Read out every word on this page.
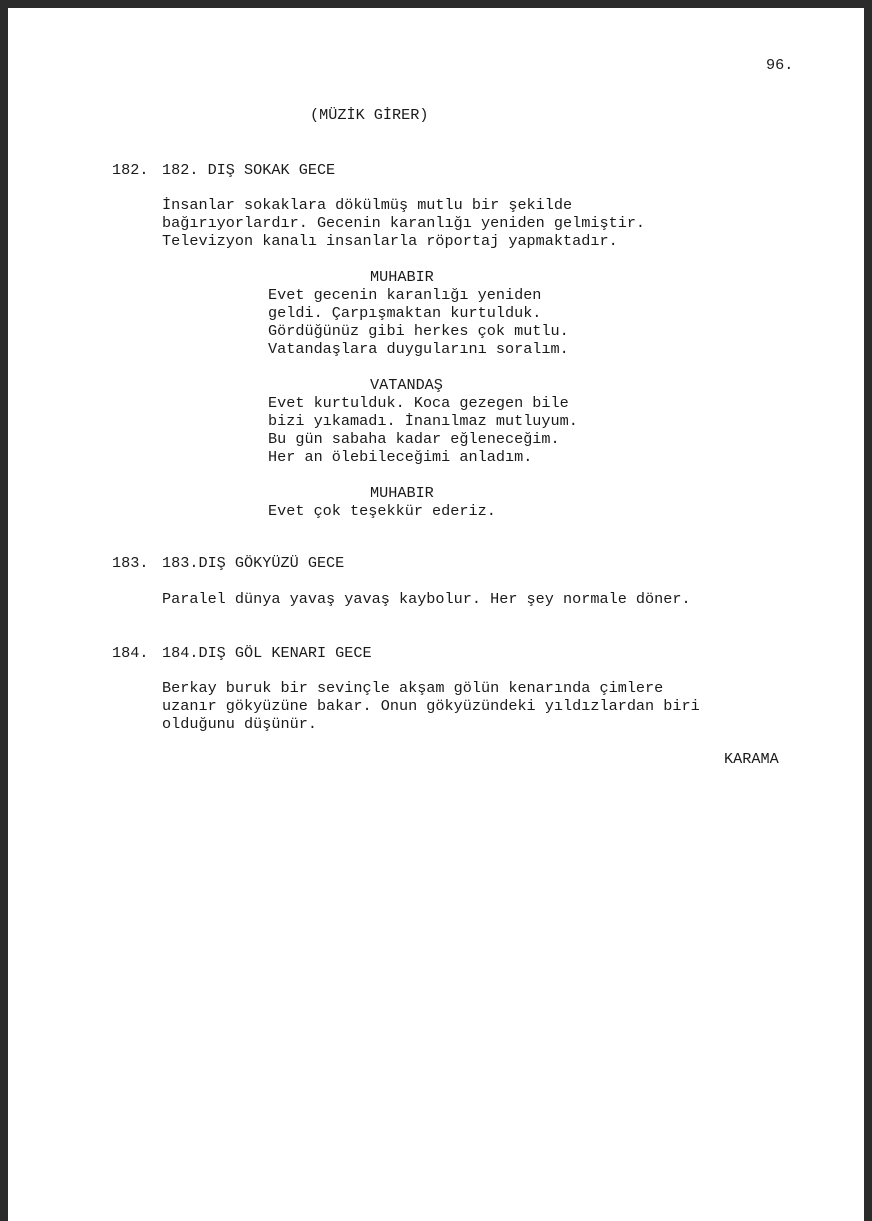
96.
(MÜZİK GİRER)
182. 182. DIŞ SOKAK GECE
İnsanlar sokaklara dökülmüş mutlu bir şekilde
bağırıyorlardır. Gecenin karanlığı yeniden gelmiştir.
Televizyon kanalı insanlarla röportaj yapmaktadır.
MUHABIR
Evet gecenin karanlığı yeniden
geldi. Çarpışmaktan kurtulduk.
Gördüğünüz gibi herkes çok mutlu.
Vatandaşlara duygularını soralım.
VATANDAŞ
Evet kurtulduk. Koca gezegen bile
bizi yıkamadı. İnanılmaz mutluyum.
Bu gün sabaha kadar eğleneceğim.
Her an ölebileceğimi anladım.
MUHABIR
Evet çok teşekkür ederiz.
183. 183.DIŞ GÖKYÜZÜ GECE
Paralel dünya yavaş yavaş kaybolur. Her şey normale döner.
184. 184.DIŞ GÖL KENARI GECE
Berkay buruk bir sevinçle akşam gölün kenarında çimlere
uzanır gökyüzüne bakar. Onun gökyüzündeki yıldızlardan biri
olduğunu düşünür.
KARAMA
